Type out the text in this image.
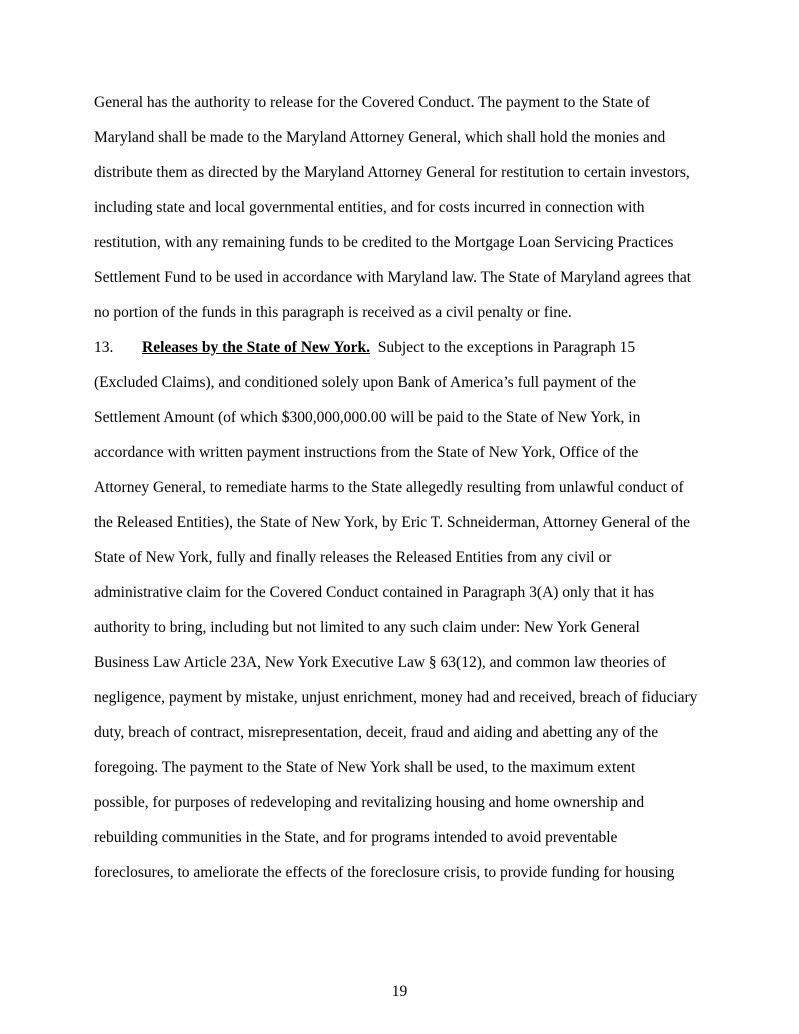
General has the authority to release for the Covered Conduct. The payment to the State of
Maryland shall be made to the Maryland Attorney General, which shall hold the monies and
distribute them as directed by the Maryland Attorney General for restitution to certain investors,
including state and local governmental entities, and for costs incurred in connection with
restitution, with any remaining funds to be credited to the Mortgage Loan Servicing Practices
Settlement Fund to be used in accordance with Maryland law. The State of Maryland agrees that
no portion of the funds in this paragraph is received as a civil penalty or fine.
13. Releases by the State of New York.  Subject to the exceptions in Paragraph 15
(Excluded Claims), and conditioned solely upon Bank of America’s full payment of the
Settlement Amount (of which $300,000,000.00 will be paid to the State of New York, in
accordance with written payment instructions from the State of New York, Office of the
Attorney General, to remediate harms to the State allegedly resulting from unlawful conduct of
the Released Entities), the State of New York, by Eric T. Schneiderman, Attorney General of the
State of New York, fully and finally releases the Released Entities from any civil or
administrative claim for the Covered Conduct contained in Paragraph 3(A) only that it has
authority to bring, including but not limited to any such claim under: New York General
Business Law Article 23A, New York Executive Law § 63(12), and common law theories of
negligence, payment by mistake, unjust enrichment, money had and received, breach of fiduciary
duty, breach of contract, misrepresentation, deceit, fraud and aiding and abetting any of the
foregoing. The payment to the State of New York shall be used, to the maximum extent
possible, for purposes of redeveloping and revitalizing housing and home ownership and
rebuilding communities in the State, and for programs intended to avoid preventable
foreclosures, to ameliorate the effects of the foreclosure crisis, to provide funding for housing
19
